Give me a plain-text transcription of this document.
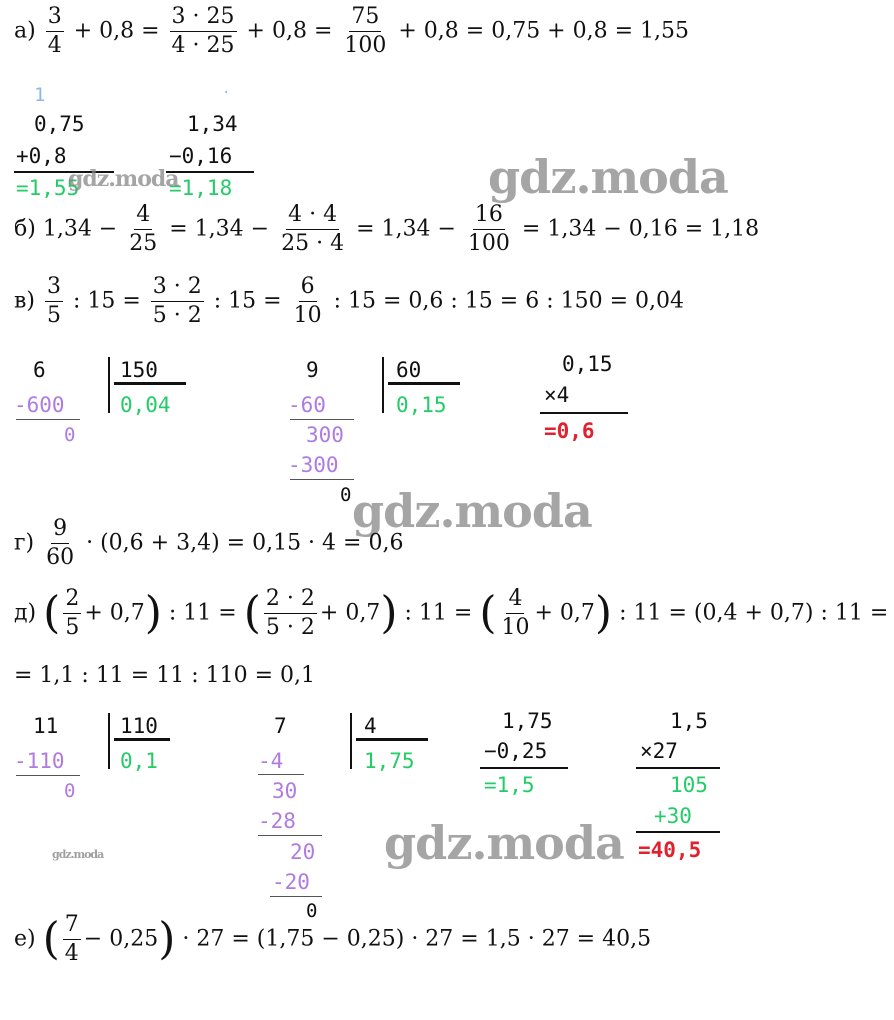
$а) \frac{3}{4} + 0,8 = \frac{3 \cdot 25}{4 \cdot 25} + 0,8 = \frac{75}{100} + 0,8 = 0,75 + 0,8 = 1,55$
1
0,75
+0,8
=1,55
·
1,34
−0,16
=1,18
gdz.moda	gdz.moda
б) $1,34 - \frac{4}{25} = 1,34 - \frac{4 \cdot 4}{25 \cdot 4} = 1,34 - \frac{16}{100} = 1,34 - 0,16 = 1,18$
$в) \frac{3}{5}$ : $15 = \frac{3 \cdot 2}{5 \cdot 2}$ : $15 = \frac{6}{10}$ : 15 = 0,6 : 15 = 6 : 150 = 0,04
6	150
-600	0,04
0
9	60
-60	0,15
300
-300
0
0,15
×4
=0,6
gdz.moda
$г) \frac{9}{60} \cdot (0,6 + 3,4) = 0,15 \cdot 4 = 0,6$
д) ( $\frac{2}{5} + 0,7$) : 11 = ( $\frac{2 \cdot 2}{5 \cdot 2} + 0,7$) : 11 = ( $\frac{4}{10} + 0,7$) : 11 = (0,4 + 0,7) : 11 =
= 1,1 : 11 = 11 : 110 = 0,1
11	110
-110	0,1
0
7	4
-4	1,75
30
-28
20
-20
0
1,75
−0,25
=1,5
1,5
×27
105
+30
=40,5
gdz.moda	gdz.moda
е) ( $\frac{7}{4} - 0,25) \cdot 27 = (1,75 - 0,25) \cdot 27 = 1,5 \cdot 27 = 40,5$
